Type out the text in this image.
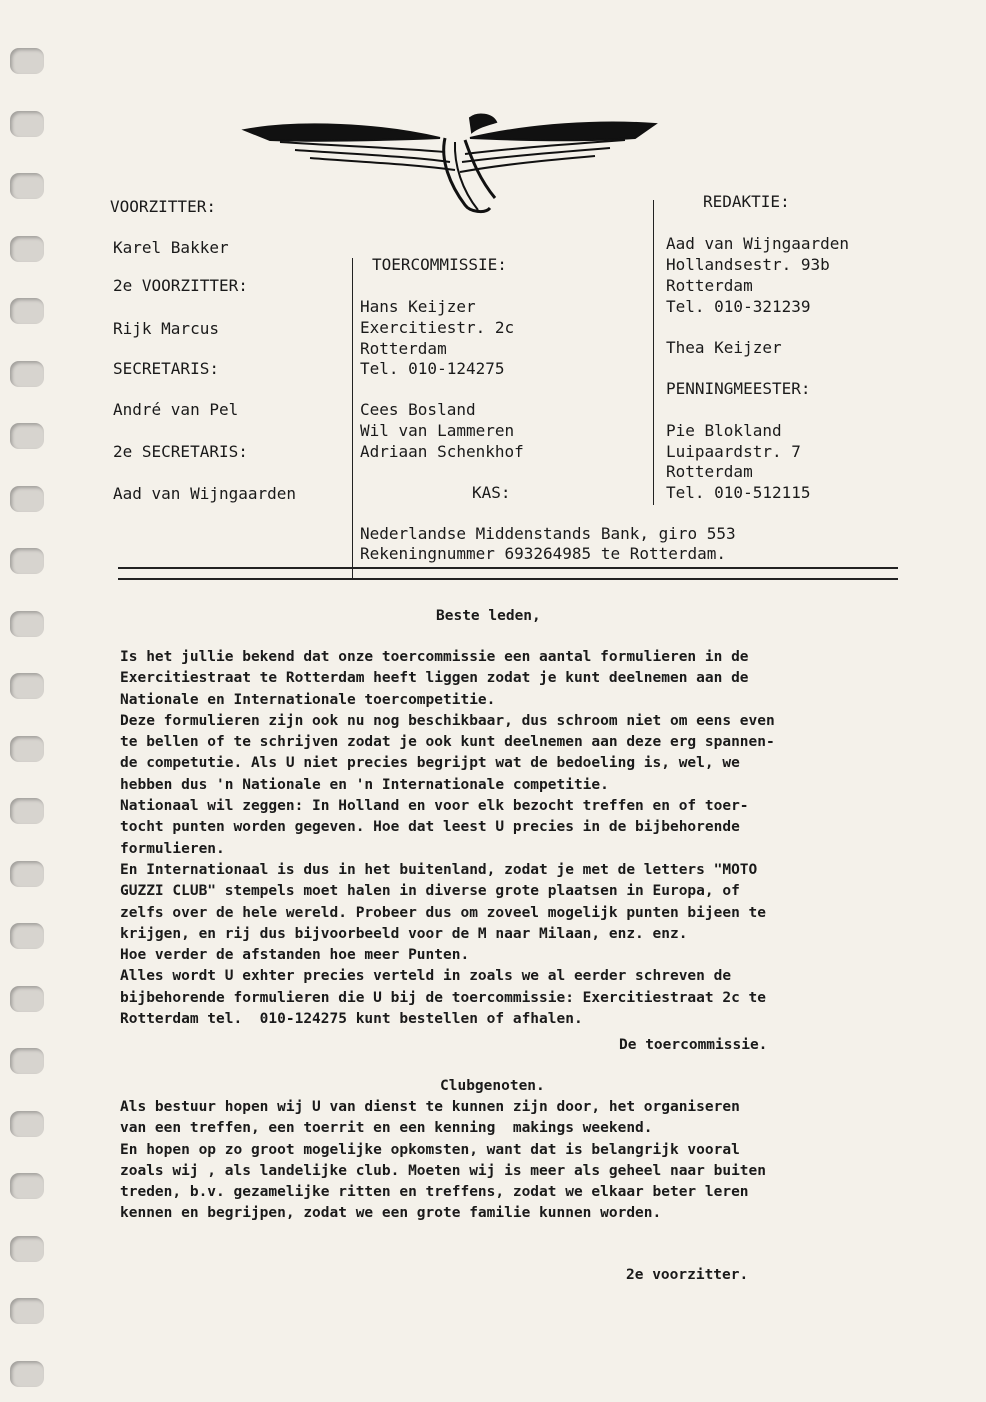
VOORZITTER:
Karel Bakker
2e VOORZITTER:
Rijk Marcus
SECRETARIS:
André van Pel
2e SECRETARIS:
Aad van Wijngaarden
TOERCOMMISSIE:
Hans Keijzer
Exercitiestr. 2c
Rotterdam
Tel. 010-124275
Cees Bosland
Wil van Lammeren
Adriaan Schenkhof
KAS:
REDAKTIE:
Aad van Wijngaarden
Hollandsestr. 93b
Rotterdam
Tel. 010-321239
Thea Keijzer
PENNINGMEESTER:
Pie Blokland
Luipaardstr. 7
Rotterdam
Tel. 010-512115
Nederlandse Middenstands Bank, giro 553
Rekeningnummer 693264985 te Rotterdam.
Beste leden,
Is het jullie bekend dat onze toercommissie een aantal formulieren in de
Exercitiestraat te Rotterdam heeft liggen zodat je kunt deelnemen aan de
Nationale en Internationale toercompetitie.
Deze formulieren zijn ook nu nog beschikbaar, dus schroom niet om eens even
te bellen of te schrijven zodat je ook kunt deelnemen aan deze erg spannen-
de competutie. Als U niet precies begrijpt wat de bedoeling is, wel, we
hebben dus 'n Nationale en 'n Internationale competitie.
Nationaal wil zeggen: In Holland en voor elk bezocht treffen en of toer-
tocht punten worden gegeven. Hoe dat leest U precies in de bijbehorende
formulieren.
En Internationaal is dus in het buitenland, zodat je met de letters "MOTO
GUZZI CLUB" stempels moet halen in diverse grote plaatsen in Europa, of
zelfs over de hele wereld. Probeer dus om zoveel mogelijk punten bijeen te
krijgen, en rij dus bijvoorbeeld voor de M naar Milaan, enz. enz.
Hoe verder de afstanden hoe meer Punten.
Alles wordt U exhter precies verteld in zoals we al eerder schreven de
bijbehorende formulieren die U bij de toercommissie: Exercitiestraat 2c te
Rotterdam tel.  010-124275 kunt bestellen of afhalen.
De toercommissie.
Clubgenoten.
Als bestuur hopen wij U van dienst te kunnen zijn door, het organiseren
van een treffen, een toerrit en een kenning  makings weekend.
En hopen op zo groot mogelijke opkomsten, want dat is belangrijk vooral
zoals wij , als landelijke club. Moeten wij is meer als geheel naar buiten
treden, b.v. gezamelijke ritten en treffens, zodat we elkaar beter leren
kennen en begrijpen, zodat we een grote familie kunnen worden.
2e voorzitter.
